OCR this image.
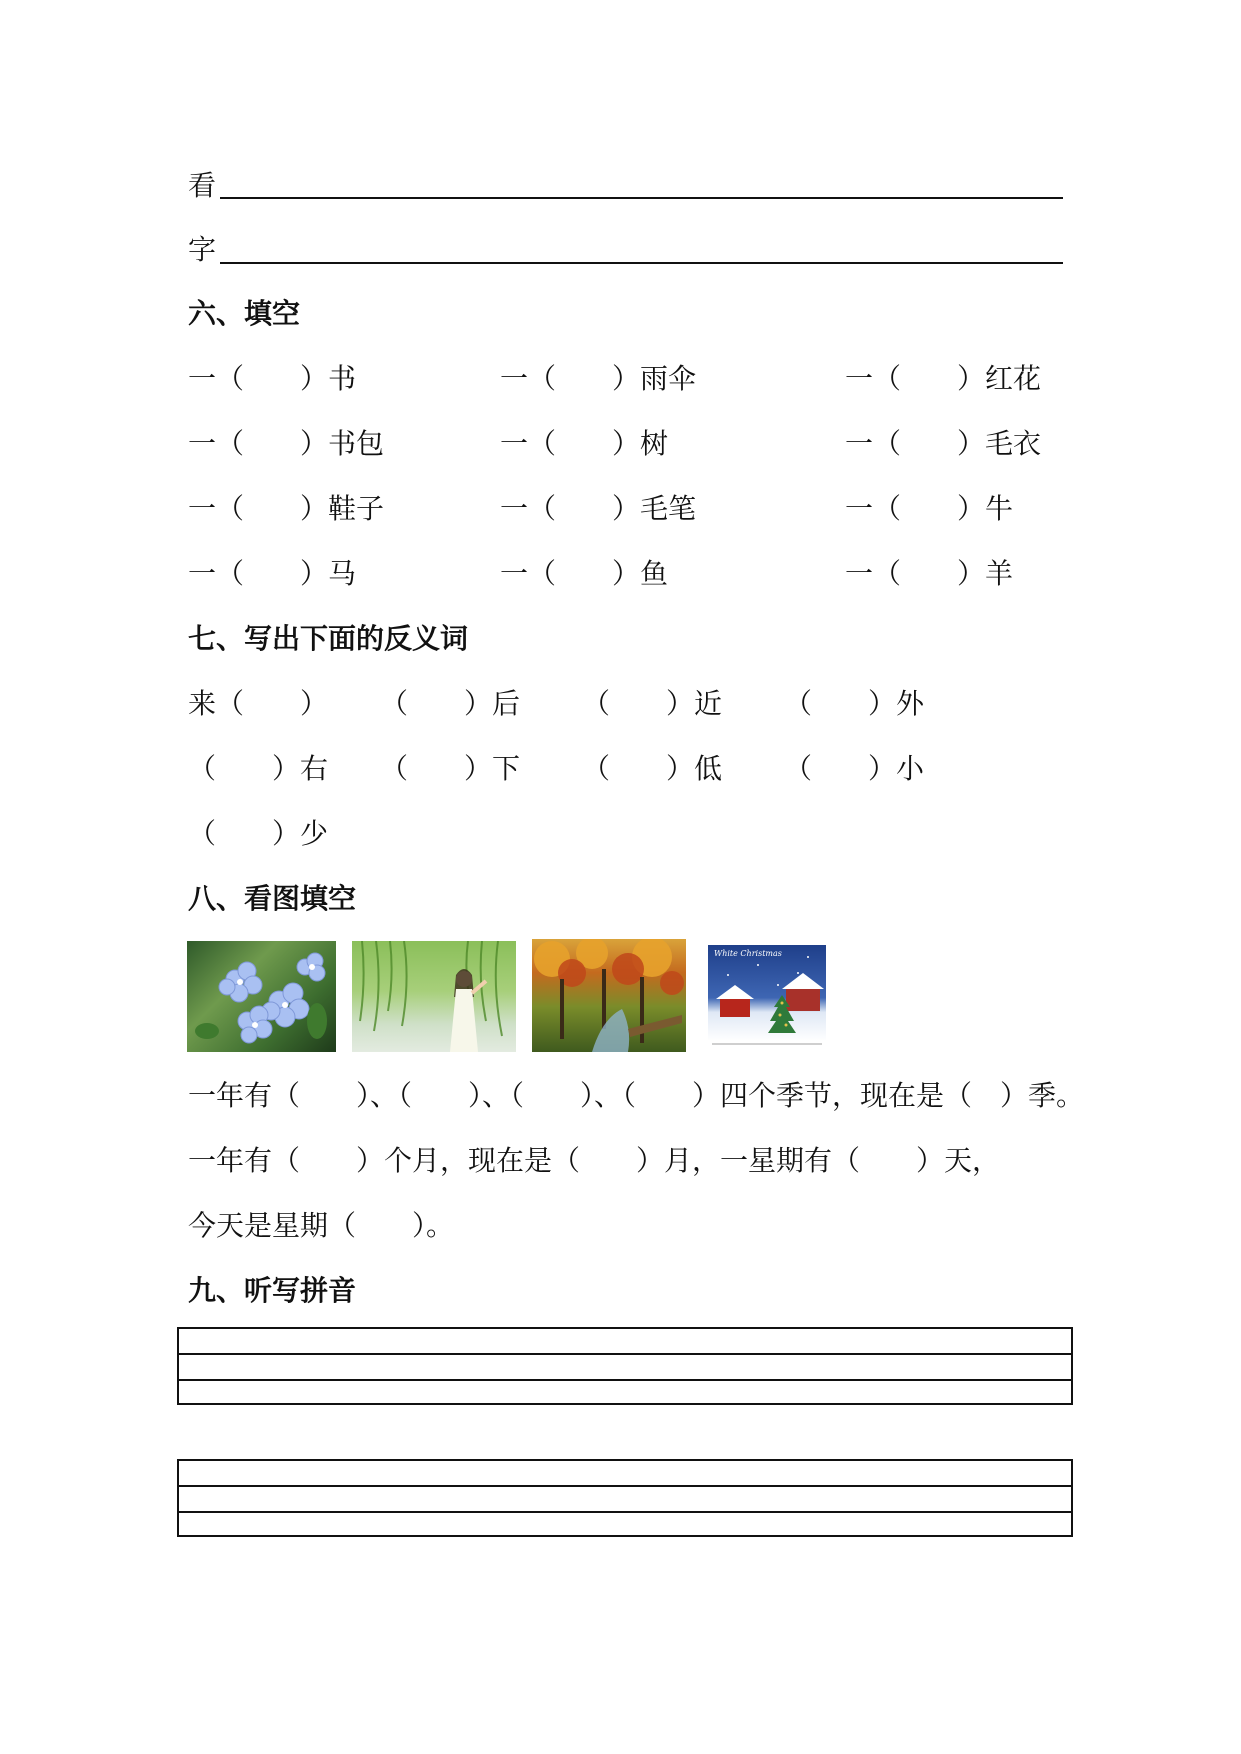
看
字
六、填空
一（　　）书	一（　　）雨伞	一（　　）红花
一（　　）书包	一（　　）树	一（　　）毛衣
一（　　）鞋子	一（　　）毛笔	一（　　）牛
一（　　）马	一（　　）鱼	一（　　）羊
七、写出下面的反义词
来（　　） （　　）后 （　　）近 （　　）外
（　　）右 （　　）下 （　　）低 （　　）小
（　　）少
八、看图填空
White Christmas
一年有（　　）、（　　）、（　　）、（　　）四个季节，现在是（　）季。
一年有（　　）个月，现在是（　　）月，一星期有（　　）天，
今天是星期（　　）。
九、听写拼音
